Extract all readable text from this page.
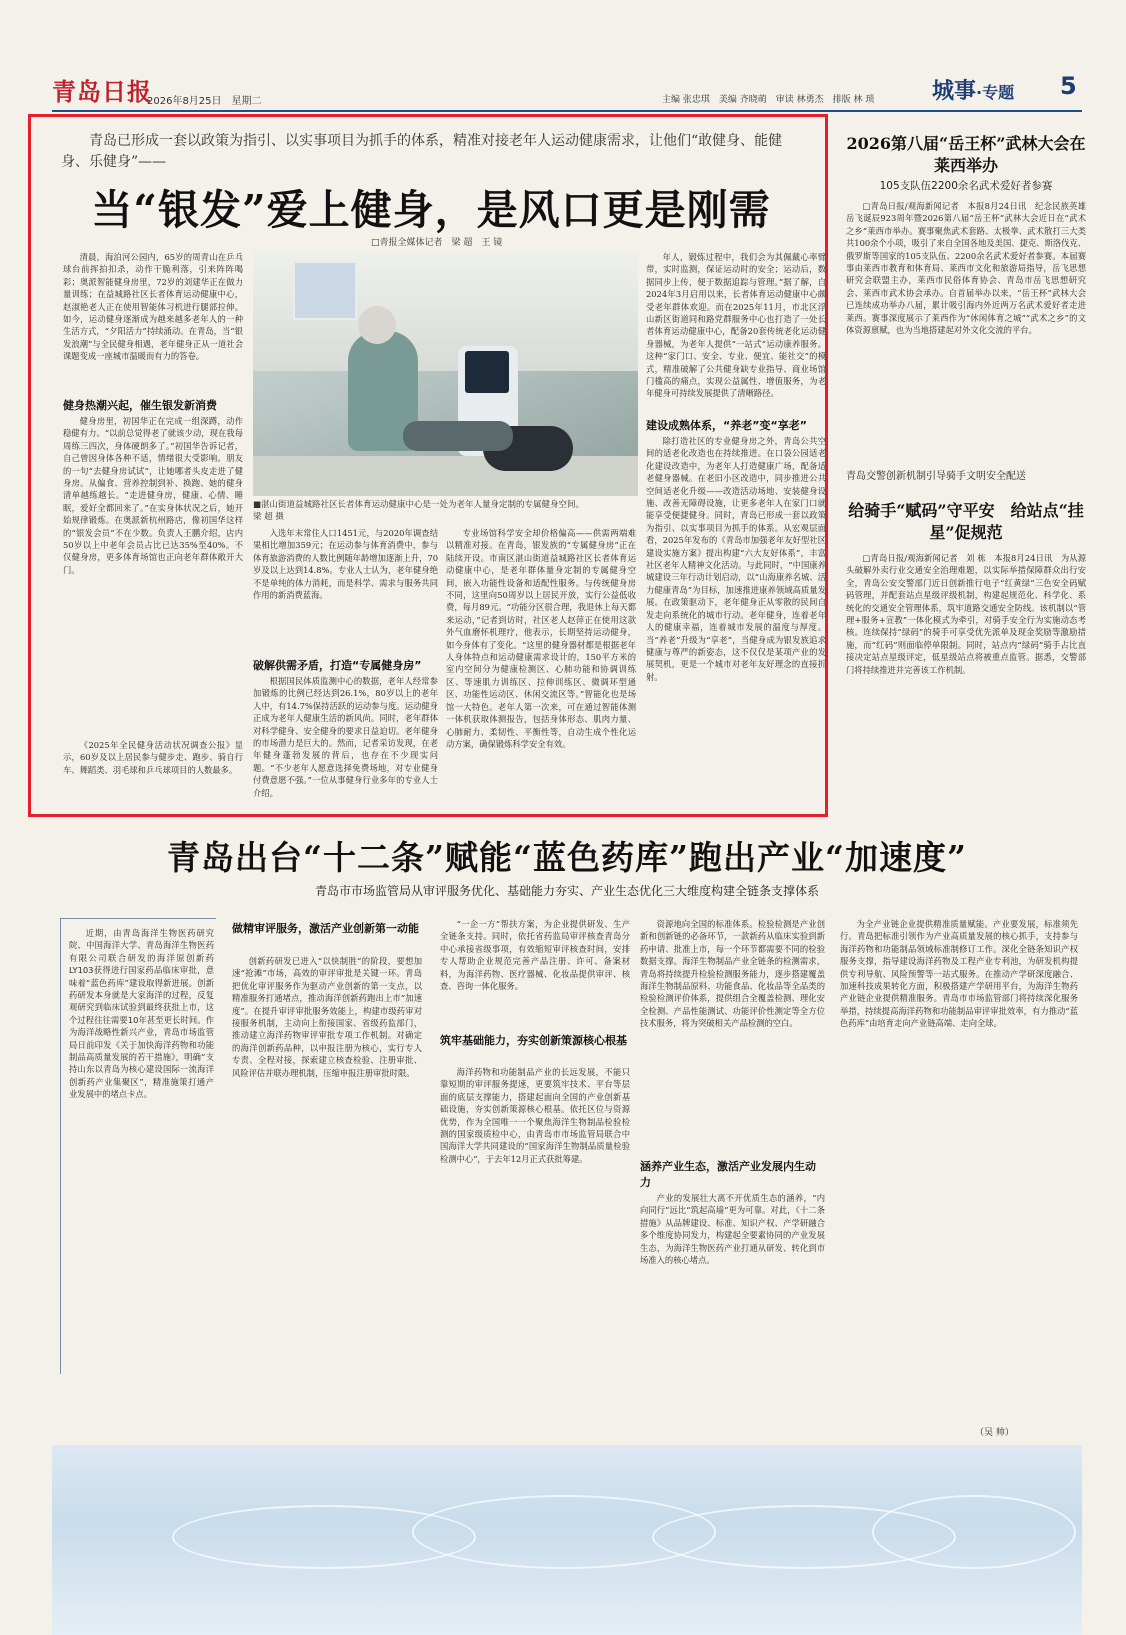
青岛日报
2026年8月25日　星期二	主编 张忠琪　美编 齐晓萌　审读 林勇杰　排版 林 琐	城事·专题 5
青岛已形成一套以政策为指引、以实事项目为抓手的体系，精准对接老年人运动健康需求，让他们“敢健身、能健身、乐健身”——
当“银发”爱上健身，是风口更是刚需
□青报全媒体记者　梁 超　王 镜
■湛山街道益城路社区长者体育运动健康中心是一处为老年人量身定制的专属健身空间。　　　　　　　　梁 超 摄
清晨，海泊河公园内，65岁的周青山在乒乓球台前挥拍扣杀，动作干脆利落，引来阵阵喝彩；奥派智能健身房里，72岁的刘建华正在做力量训练；在益城路社区长者体育运动健康中心，赵淑艳老人正在使用智能体习机进行腿部拉伸。如今，运动健身逐渐成为越来越多老年人的一种生活方式，“夕阳活力”持续涌动。在青岛，当“银发浪潮”与全民健身相遇，老年健身正从一道社会课题变成一座城市温暖而有力的答卷。
健身热潮兴起，催生银发新消费
健身房里，初国华正在完成一组深蹲，动作稳健有力。“以前总觉得老了就该少动，现在我每周练三四次，身体硬朗多了。”初国华告诉记者，自己曾因身体各种不适，情绪很大受影响。朋友的一句“去健身房试试”，让她哪者头皮走进了健身房。从偏食、营养控制到补、换跑、她的健身清单越练越长。“走进健身房，健康、心情、睡眠，爱好全都回来了。”在实身体状况之后，她开始规律锻炼。在奥派新杭州路店，像初国华这样的“银发会员”不在少数。负责人王鹏介绍，店内50岁以上中老年会员占比已达35%至40%。不仅健身房，更多体育场馆也正向老年群体敞开大门。
《2025年全民健身活动状况调查公报》显示，60岁及以上居民参与健步走、跑步、骑自行车、舞蹈类、羽毛球和乒乓球项目的人数最多。
入选年末常住人口1451元，与2020年调查结果相比增加359元；在运动参与体育消费中，参与体育旅游消费的人数比例随年龄增加逐渐上升，70岁及以上达到14.8%。专业人士认为，老年健身绝不是单纯的体力消耗，而是科学、需求与服务共同作用的新消费蓝海。
破解供需矛盾，打造“专属健身房”
根据国民体质监测中心的数据，老年人经常参加锻炼的比例已经达到26.1%，80岁以上的老年人中，有14.7%保持活跃的运动参与度。运动健身正成为老年人健康生活的新风尚。同时，老年群体对科学健身、安全健身的要求日益迫切。老年健身的市场潜力是巨大的。然而，记者采访发现，在老年健身蓬勃发展的背后，也存在不少现实问题。“不少老年人愿意选择免费场地，对专业健身付费意愿不强。”一位从事健身行业多年的专业人士介绍。
专业场馆科学安全却价格偏高——供需两端难以精准对接。在青岛，银发族的“专属健身房”正在陆续开设。市南区湛山街道益城路社区长者体育运动健康中心，是老年群体量身定制的专属健身空间，嵌入功能性设备和适配性服务。与传统健身房不同，这里向50周岁以上居民开放，实行公益低收费，每月89元。“功能分区很合理，我退休上每天都来运动，”记者到访时，社区老人赵萍正在使用这款外气血磨怀机理疗，他表示，长期坚持运动健身，如今身体有了变化。“这里的健身器材都是根据老年人身体特点和运动健康需求设计的，150平方米的室内空间分为健康检测区、心肺功能和协调训练区、等速肌力训练区、拉伸训练区、微调环型通区、功能性运动区、休闲交流区等。”智能化也是场馆一大特色。老年人第一次来，可在通过智能体测一体机获取体测报告，包括身体形态、肌肉力量、心肺耐力、柔韧性、平衡性等，自动生成个性化运动方案，确保锻炼科学安全有效。
年人，锻炼过程中，我们会为其佩戴心率臂带，实时监测，保证运动时的安全；运动后，数据同步上传，便于数据追踪与管理。”据了解，自2024年3月启用以来，长者体育运动健康中心颇受老年群体欢迎。而在2025年11月，市北区浮山新区街道同和路党群服务中心也打造了一处长者体育运动健康中心，配备20套传统老化运动健身器械，为老年人提供“一站式”运动康养服务。这种“家门口、安全、专业、便宜、能社交”的模式，精准破解了公共健身缺专业指导、商业场馆门槛高的痛点，实现公益属性、增值服务，为老年健身可持续发展提供了清晰路径。
建设成熟体系，“养老”变“享老”
除打造社区的专业健身房之外，青岛公共空间的适老化改造也在持续推进。在口袋公园适老化建设改造中，为老年人打造健康广场，配备适老健身器械。在老旧小区改造中，同步推进公共空间适老化升级——改造活动场地、安装健身设施、改善无障碍设施，让更多老年人在家门口就能享受便捷健身。同时，青岛已形成一套以政策为指引、以实事项目为抓手的体系。从宏观层面看，2025年发布的《青岛市加强老年友好型社区建设实施方案》提出构建“六大友好体系”，丰富社区老年人精神文化活动。与此同时，“中国康养城建设三年行动计划启动，以“山海康养名城、活力健康青岛”为目标，加速推进康养领域高质量发展。在政策驱动下，老年健身正从零散的民间自发走向系统化的城市行动。老年健身，连着老年人的健康幸福，连着城市发展的温度与厚度。当“养老”升级为“享老”，当健身成为银发族追求健康与尊严的新姿态，这不仅仅是某项产业的发展契机，更是一个城市对老年友好理念的直接折射。
2026第八届“岳王杯”武林大会在莱西举办
105支队伍2200余名武术爱好者参赛
□青岛日报/观海新闻记者　本报8月24日讯　纪念民族英雄岳飞诞辰923周年暨2026第八届“岳王杯”武林大会近日在“武术之乡”莱西市举办。赛事聚焦武术套路、太极拳、武术散打三大类共100余个小项，吸引了来自全国各地及美国、捷克、斯洛伐克、俄罗斯等国家的105支队伍、2200余名武术爱好者参赛。本届赛事由莱西市教育和体育局、莱西市文化和旅游局指导，岳飞思想研究会联盟主办，莱西市民俗体育协会、青岛市岳飞思想研究会、莱西市武术协会承办。自首届举办以来，“岳王杯”武林大会已连续成功举办八届，累计吸引海内外近两万名武术爱好者走进莱西。赛事深度展示了莱西作为“休闲体育之城”“武术之乡”的文体资源禀赋，也为当地搭建起对外文化交流的平台。
青岛交警创新机制引导骑手文明安全配送
给骑手“赋码”守平安　给站点“挂星”促规范
□青岛日报/观海新闻记者　刘 栋　本报8月24日讯　为从源头破解外卖行业交通安全治理难题，以实际举措保障群众出行安全，青岛公安交警部门近日创新推行电子“红黄绿”三色安全码赋码管理，并配套站点星级评级机制，构建起规范化、科学化、系统化的交通安全管理体系，筑牢道路交通安全防线。该机制以“管理+服务+宣教”一体化模式为牵引，对骑手安全行为实施动态考核。连续保持“绿码”的骑手可享受优先派单及现金奖励等激励措施，而“红码”则面临停单限制。同时，站点内“绿码”骑手占比直接决定站点星级评定，低星级站点将被重点监管。据悉，交警部门将持续推进并完善该工作机制。
青岛出台“十二条”赋能“蓝色药库”跑出产业“加速度”
青岛市市场监管局从审评服务优化、基础能力夯实、产业生态优化三大维度构建全链条支撑体系
近期，由青岛海洋生物医药研究院、中国海洋大学、青岛海洋生物医药有限公司联合研发的海洋原创新药LY103获得进行国家药品临床审批，意味着“蓝色药库”建设取得新进展。创新药研发本身就是大家海洋的过程，反复观研究到临床试验到最终获批上市，这个过程往往需要10年甚至更长时间。作为海洋战略性新兴产业，青岛市场监管局日前印发《关于加快海洋药物和功能制品高质量发展的若干措施》，明确“支持山东以青岛为核心建设国际一流海洋创新药产业集聚区”，精准施策打通产业发展中的堵点卡点。
做精审评服务，激活产业创新第一动能
创新药研发已进入“以快制胜”的阶段，要想加速“抢滩”市场，高效的审评审批是关键一环。青岛把优化审评服务作为驱动产业创新的第一支点，以精准服务打通堵点，推动海洋创新药跑出上市“加速度”。在提升审评审批服务效能上，构建市级药审对接服务机制，主动向上衔接国家、省级药监部门，推动建立海洋药物审评审批专项工作机制。对确定的海洋创新药品种，以申报注册为核心，实行专人专责、全程对接，探索建立核查检验、注册审批、风险评估并联办理机制，压缩申报注册审批时限。
“一企一方”帮扶方案，为企业提供研发、生产全链条支持。同时，依托省药监局审评核查青岛分中心承接省级事项，有效缩短审评核查时间，安排专人帮助企业规范完善产品注册、许可、备案材料，为海洋药物、医疗器械、化妆品提供审评、核查、咨询一体化服务。
筑牢基础能力，夯实创新策源核心根基
海洋药物和功能制品产业的长远发展，不能只靠短期的审评服务提速，更要筑牢技术、平台等层面的底层支撑能力，搭建起面向全国的产业创新基础设施，夯实创新策源核心根基。依托区位与资源优势，作为全国唯一一个聚焦海洋生物制品检验检测的国家级质检中心，由青岛市市场监管局联合中国海洋大学共同建设的“国家海洋生物制品质量检验检测中心”，于去年12月正式获批筹建。
资源地向全国的标准体系。检验检测是产业创新和创新链的必备环节，一款新药从临床实验到新药申请、批准上市，每一个环节都需要不同的检验数据支撑。海洋生物制品产业全链条的检测需求，青岛将持续提升检验检测服务能力，逐步搭建覆盖海洋生物制品原料、功能食品、化妆品等全品类的检验检测评价体系，提供组合全覆盖检测、理化安全检测、产品性能测试、功能评价性测定等全方位技术服务，将为突破相关产品检测的空白。
涵养产业生态，激活产业发展内生动力
产业的发展壮大离不开优质生态的涵养，“内向同行”远比“筑起高墙”更为可靠。对此，《十二条措施》从品牌建设、标准、知识产权、产学研融合多个维度协同发力，构建起全要素协同的产业发展生态，为海洋生物医药产业打通从研发、转化到市场准入的核心堵点。
为全产业链企业提供精准质量赋能。产业要发展，标准须先行。青岛把标准引领作为产业高质量发展的核心抓手，支持参与海洋药物和功能制品领域标准制修订工作。深化全链条知识产权服务支撑，指导建设海洋药物及工程产业专利池，为研发机构提供专利导航、风险预警等一站式服务。在推动产学研深度融合、加速科技成果转化方面，积极搭建产学研用平台，为海洋生物药产业链企业提供精准服务。青岛市市场监管部门将持续深化服务举措，持续提高海洋药物和功能制品审评审批效率，有力推动“蓝色药库”由培育走向产业链高端、走向全球。
（吴 帅）
